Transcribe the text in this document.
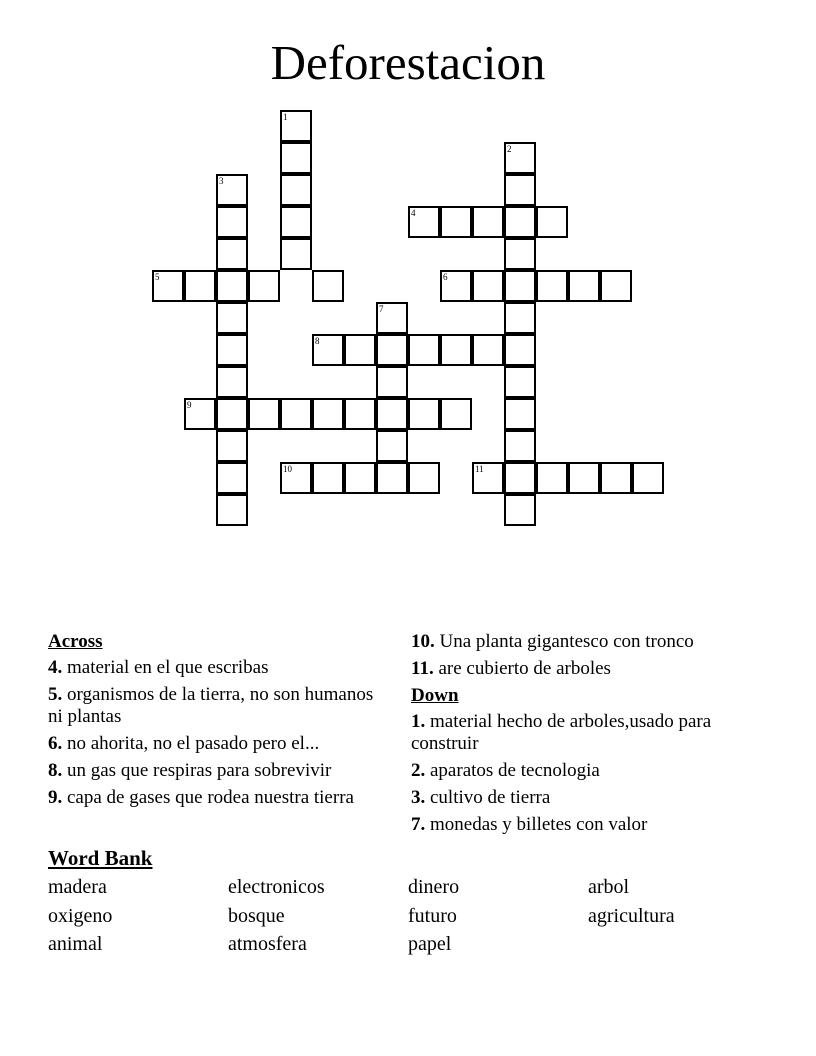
Deforestacion
1
2
3
4
5	6
7
8
9
10	11
Across
4. material en el que escribas
5. organismos de la tierra, no son humanos ni plantas
6. no ahorita, no el pasado pero el...
8. un gas que respiras para sobrevivir
9. capa de gases que rodea nuestra tierra
10. Una planta gigantesco con tronco
11. are cubierto de arboles
Down
1. material hecho de arboles,usado para construir
2. aparatos de tecnologia
3. cultivo de tierra
7. monedas y billetes con valor
Word Bank
madera	electronicos	dinero	arbol
oxigeno	bosque	futuro	agricultura
animal	atmosfera	papel
